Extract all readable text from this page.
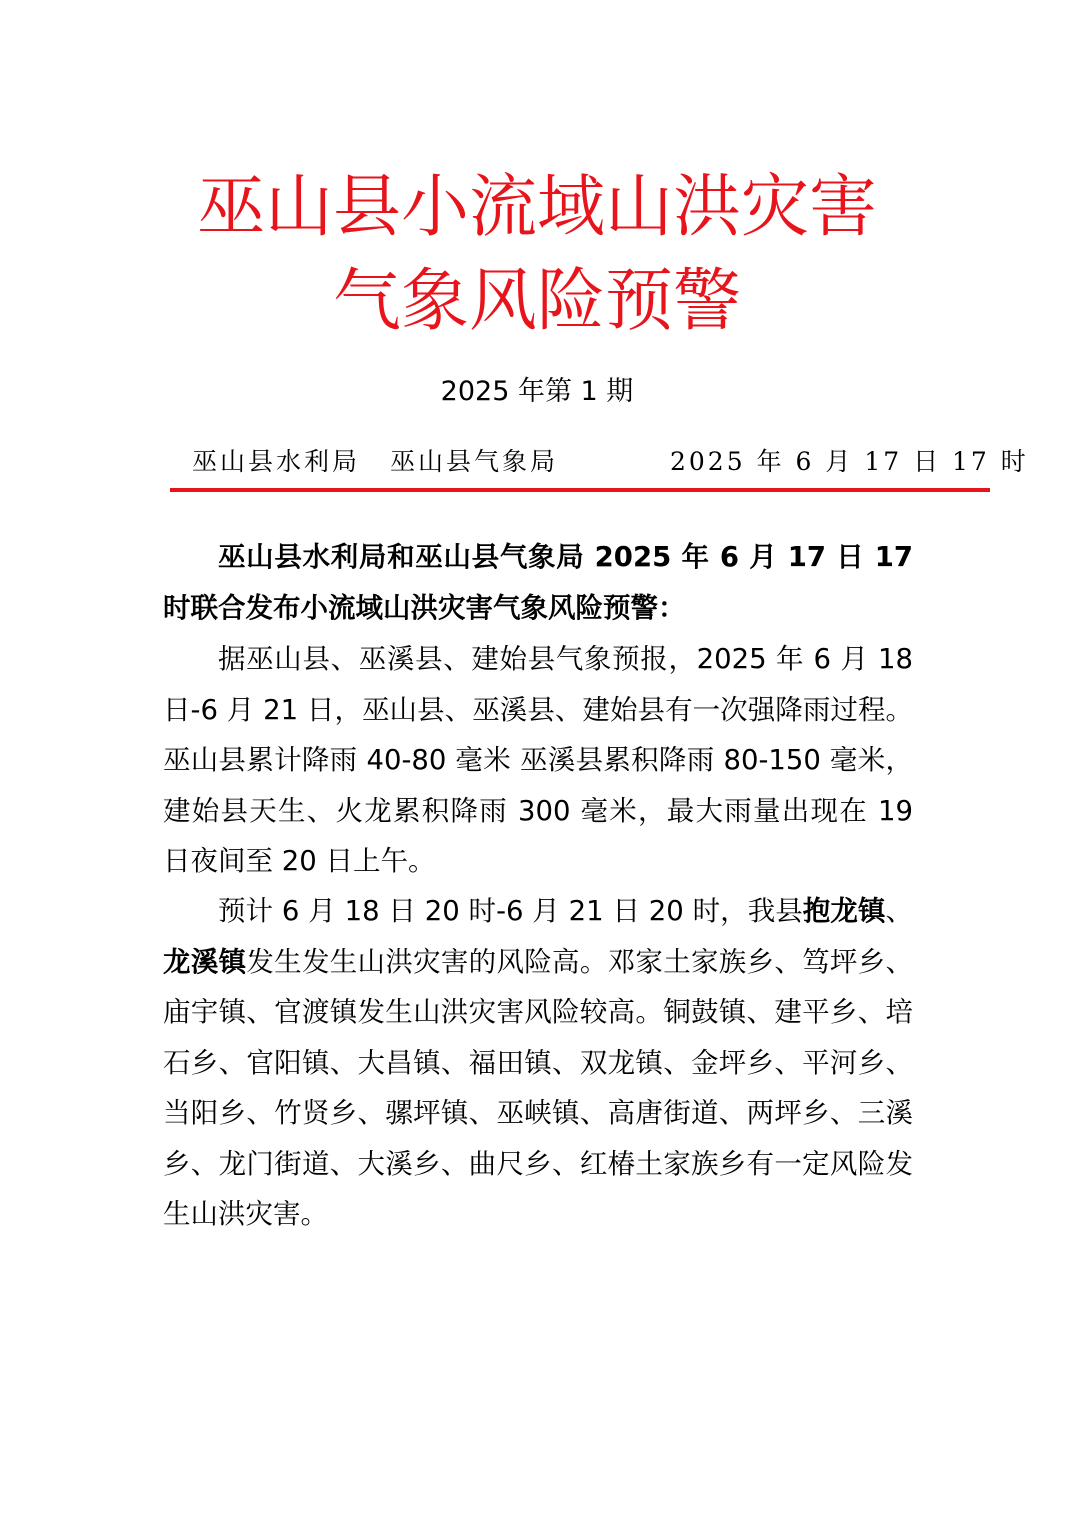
巫山县小流域山洪灾害
气象风险预警
2025 年第 1 期
巫山县水利局 巫山县气象局	2025 年 6 月 17 日 17 时

巫山县水利局和巫山县气象局 2025 年 6 月 17 日 17 时联合发布小流域山洪灾害气象风险预警：

据巫山县、巫溪县、建始县气象预报，2025 年 6 月 18 日-6 月 21 日，巫山县、巫溪县、建始县有一次强降雨过程。巫山县累计降雨 40-80 毫米 巫溪县累积降雨 80-150 毫米，建始县天生、火龙累积降雨 300 毫米，最大雨量出现在 19 日夜间至 20 日上午。

预计 6 月 18 日 20 时-6 月 21 日 20 时，我县抱龙镇、龙溪镇发生发生山洪灾害的风险高。邓家土家族乡、笃坪乡、庙宇镇、官渡镇发生山洪灾害风险较高。铜鼓镇、建平乡、培石乡、官阳镇、大昌镇、福田镇、双龙镇、金坪乡、平河乡、当阳乡、竹贤乡、骡坪镇、巫峡镇、高唐街道、两坪乡、三溪乡、龙门街道、大溪乡、曲尺乡、红椿土家族乡有一定风险发生山洪灾害。
